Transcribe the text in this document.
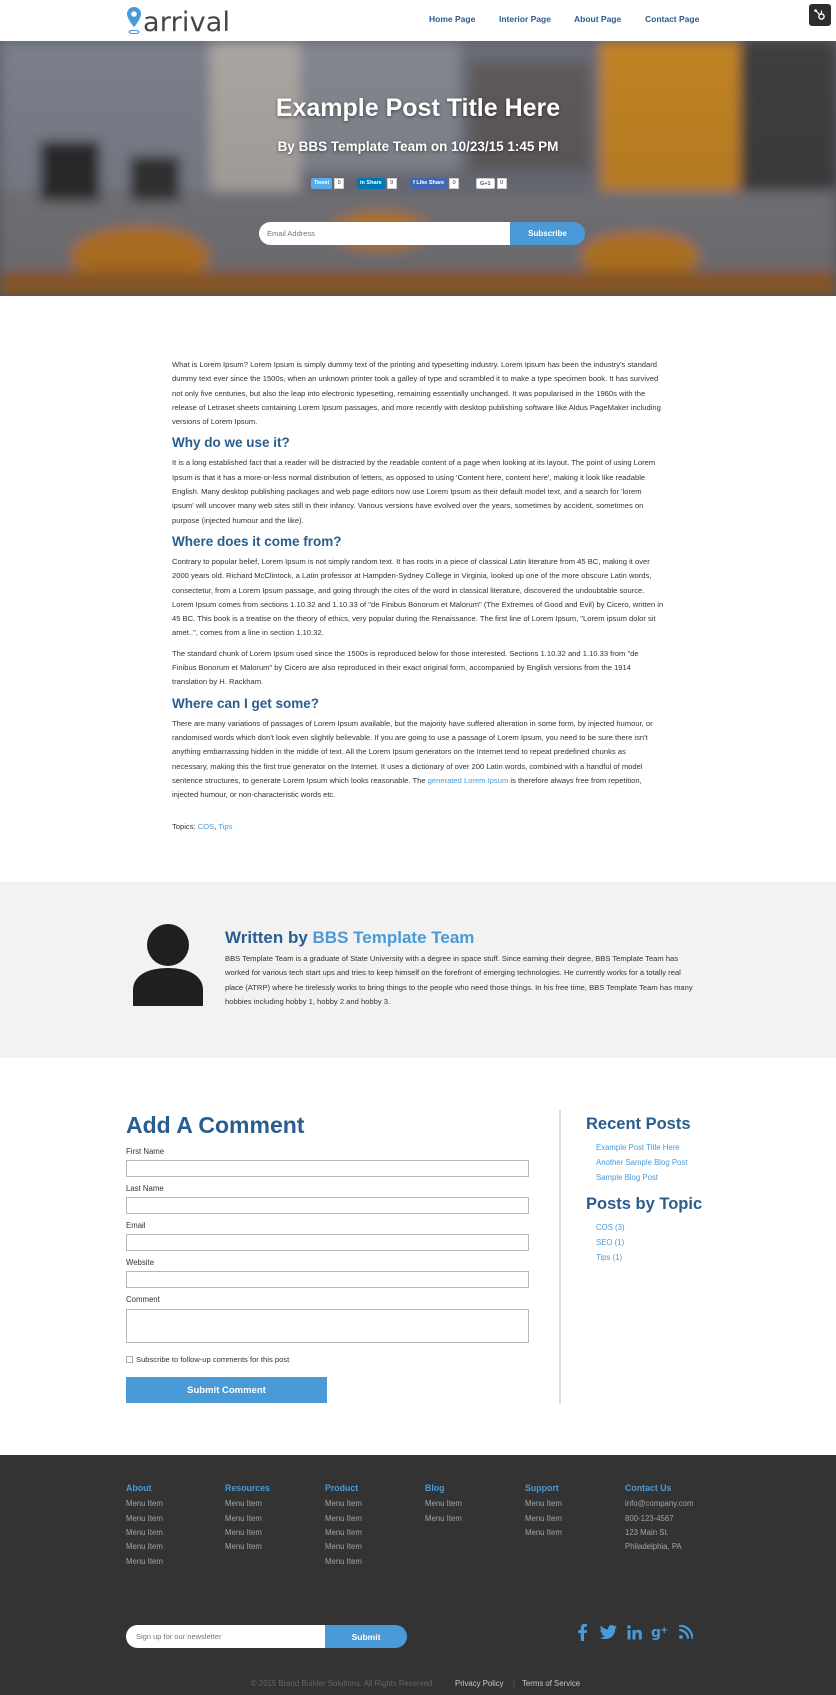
arrival	Home Page	Interior Page	About Page	Contact Page
Example Post Title Here
By BBS Template Team on 10/23/15 1:45 PM
Tweet	0	in Share	9	f Like Share	0	G+1	0
Email Address
Subscribe

What is Lorem Ipsum? Lorem Ipsum is simply dummy text of the printing and typesetting industry. Lorem Ipsum has been the industry's standard dummy text ever since the 1500s, when an unknown printer took a galley of type and scrambled it to make a type specimen book. It has survived not only five centuries, but also the leap into electronic typesetting, remaining essentially unchanged. It was popularised in the 1960s with the release of Letraset sheets containing Lorem Ipsum passages, and more recently with desktop publishing software like Aldus PageMaker including versions of Lorem Ipsum.

Why do we use it?

It is a long established fact that a reader will be distracted by the readable content of a page when looking at its layout. The point of using Lorem Ipsum is that it has a more-or-less normal distribution of letters, as opposed to using 'Content here, content here', making it look like readable English. Many desktop publishing packages and web page editors now use Lorem Ipsum as their default model text, and a search for 'lorem ipsum' will uncover many web sites still in their infancy. Various versions have evolved over the years, sometimes by accident, sometimes on purpose (injected humour and the like).

Where does it come from?

Contrary to popular belief, Lorem Ipsum is not simply random text. It has roots in a piece of classical Latin literature from 45 BC, making it over 2000 years old. Richard McClintock, a Latin professor at Hampden-Sydney College in Virginia, looked up one of the more obscure Latin words, consectetur, from a Lorem Ipsum passage, and going through the cites of the word in classical literature, discovered the undoubtable source. Lorem Ipsum comes from sections 1.10.32 and 1.10.33 of "de Finibus Bonorum et Malorum" (The Extremes of Good and Evil) by Cicero, written in 45 BC. This book is a treatise on the theory of ethics, very popular during the Renaissance. The first line of Lorem Ipsum, "Lorem ipsum dolor sit amet..", comes from a line in section 1.10.32.

The standard chunk of Lorem Ipsum used since the 1500s is reproduced below for those interested. Sections 1.10.32 and 1.10.33 from "de Finibus Bonorum et Malorum" by Cicero are also reproduced in their exact original form, accompanied by English versions from the 1914 translation by H. Rackham.

Where can I get some?

There are many variations of passages of Lorem Ipsum available, but the majority have suffered alteration in some form, by injected humour, or randomised words which don't look even slightly believable. If you are going to use a passage of Lorem Ipsum, you need to be sure there isn't anything embarrassing hidden in the middle of text. All the Lorem Ipsum generators on the Internet tend to repeat predefined chunks as necessary, making this the first true generator on the Internet. It uses a dictionary of over 200 Latin words, combined with a handful of model sentence structures, to generate Lorem Ipsum which looks reasonable. The generated Lorem Ipsum is therefore always free from repetition, injected humour, or non-characteristic words etc.

Topics: COS, Tips
Written by BBS Template Team
BBS Template Team is a graduate of State University with a degree in space stuff. Since earning their degree, BBS Template Team has worked for various tech start ups and tries to keep himself on the forefront of emerging technologies. He currently works for a totally real place (ATRP) where he tirelessly works to bring things to the people who need those things. In his free time, BBS Template Team has many hobbies including hobby 1, hobby 2 and hobby 3.
Add A Comment
First Name
Last Name
Email
Website
Comment
Subscribe to follow-up comments for this post
Submit Comment
Recent Posts
Example Post Title Here
Another Sample Blog Post
Sample Blog Post
Posts by Topic
COS (3)
SEO (1)
Tips (1)
About
Menu Item
Menu Item
Menu Item
Menu Item
Menu Item
Resources
Menu Item
Menu Item
Menu Item
Menu Item
Product
Menu Item
Menu Item
Menu Item
Menu Item
Menu Item
Blog
Menu Item
Menu Item
Support
Menu Item
Menu Item
Menu Item
Contact Us
info@company.com
800-123-4567
123 Main St.
Philadelphia, PA
Sign up for our newsletter
Submit	g
+
© 2015 Brand Builder Solutions. All Rights Reserved.	Privacy Policy | Terms of Service
